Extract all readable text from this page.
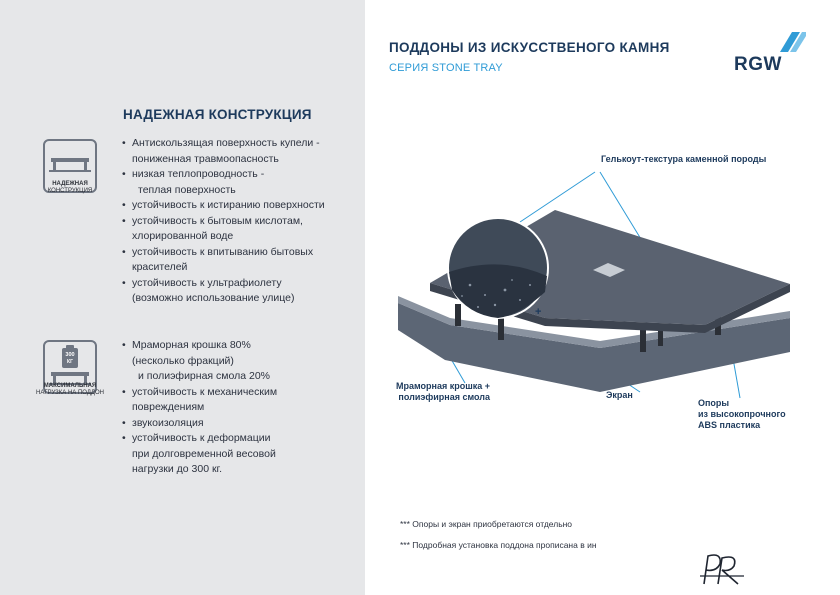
НАДЕЖНАЯ КОНСТРУКЦИЯ
НАДЕЖНАЯ
КОНСТРУКЦИЯ
• Антискользящая поверхность купели -
пониженная травмоопасность
• низкая теплопроводность -
теплая поверхность
• устойчивость к истиранию поверхности
• устойчивость к бытовым кислотам,
хлорированной воде
• устойчивость к впитыванию бытовых
красителей
• устойчивость к ультрафиолету
(возможно использование улице)
300
КГ
МАКСИМАЛЬНАЯ
НАГРУЗКА НА ПОДДОН
• Мраморная крошка 80%
(несколько фракций)
и полиэфирная смола 20%
• устойчивость к механическим
повреждениям
• звукоизоляция
• устойчивость к деформации
при долговременной весовой
нагрузки до 300 кг.
ПОДДОНЫ ИЗ ИСКУССТВЕНОГО КАМНЯ
СЕРИЯ STONE TRAY	RGW
+
Гелькоут-текстура каменной породы
Мраморная крошка +
полиэфирная смола	Экран
Опоры
из высокопрочного
ABS пластика
*** Опоры и экран приобретаются отдельно
*** Подробная установка поддона прописана в ин
